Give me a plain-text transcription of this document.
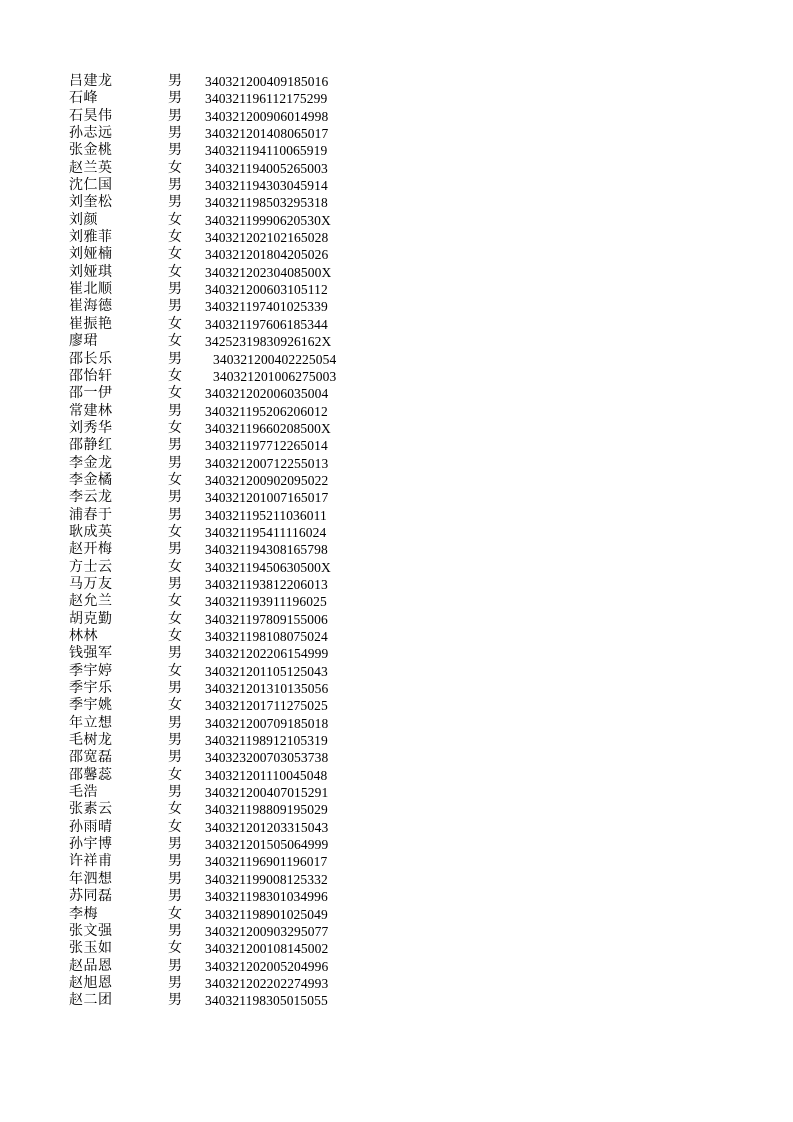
吕建龙	男 340321200409185016
石峰	男 340321196112175299
石昊伟	男 340321200906014998
孙志远	男 340321201408065017
张金桃	男 340321194110065919
赵兰英	女 340321194005265003
沈仁国	男 340321194303045914
刘奎松	男 340321198503295318
刘颜	女 34032119990620530X
刘雅菲	女 340321202102165028
刘娅楠	女 340321201804205026
刘娅琪	女 34032120230408500X
崔北顺	男 340321200603105112
崔海德	男 340321197401025339
崔振艳	女 340321197606185344
廖珺	女 34252319830926162X
邵长乐	男 340321200402225054
邵怡轩	女 340321201006275003
邵一伊	女 340321202006035004
常建林	男 340321195206206012
刘秀华	女 34032119660208500X
邵静红	男 340321197712265014
李金龙	男 340321200712255013
李金橘	女 340321200902095022
李云龙	男 340321201007165017
浦春于	男 340321195211036011
耿成英	女 340321195411116024
赵开梅	男 340321194308165798
方士云	女 34032119450630500X
马万友	男 340321193812206013
赵允兰	女 340321193911196025
胡克勤	女 340321197809155006
林林	女 340321198108075024
钱强军	男 340321202206154999
季宇婷	女 340321201105125043
季宇乐	男 340321201310135056
季宇姚	女 340321201711275025
年立想	男 340321200709185018
毛树龙	男 340321198912105319
邵宽磊	男 340323200703053738
邵馨蕊	女 340321201110045048
毛浩	男 340321200407015291
张素云	女 340321198809195029
孙雨晴	女 340321201203315043
孙宇博	男 340321201505064999
许祥甫	男 340321196901196017
年泗想	男 340321199008125332
苏同磊	男 340321198301034996
李梅	女 340321198901025049
张文强	男 340321200903295077
张玉如	女 340321200108145002
赵品恩	男 340321202005204996
赵旭恩	男 340321202202274993
赵二团	男 340321198305015055
